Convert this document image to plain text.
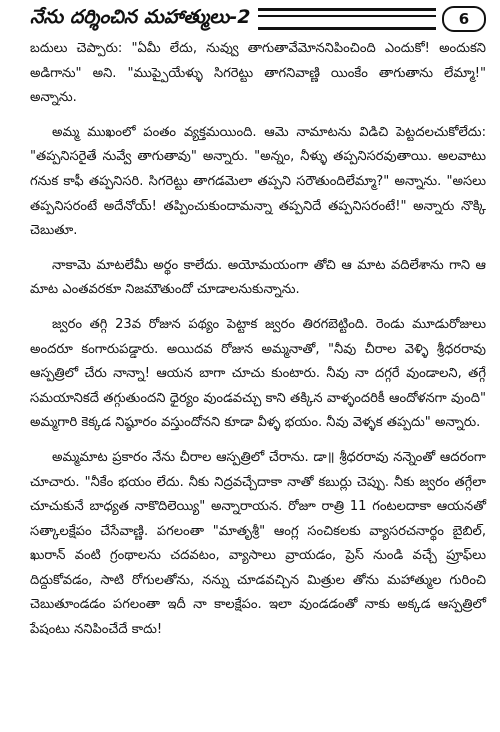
నేను దర్శించిన మహాత్ములు-2	6

బదులు చెప్పారు: "ఏమీ లేదు, నువ్వు తాగుతావేమోననిపించింది ఎందుకో! అందుకని అడిగాను" అని. "ముప్పైయేళ్ళు సిగరెట్టు తాగనివాణ్ణి యింకేం తాగుతాను లేమ్మా!" అన్నాను.

అమ్మ ముఖంలో పంతం వ్యక్తమయింది. ఆమె నామాటను విడిచి పెట్టదలచుకోలేదు: "తప్పనిసరైతే నువ్వే తాగుతావు" అన్నారు. "అన్నం, నీళ్ళు తప్పనిసరవుతాయి. అలవాటు గనుక కాఫీ తప్పనిసరి. సిగరెట్టు తాగడమెలా తప్పని సరౌతుందిలేమ్మా?" అన్నాను. "అసలు తప్పనిసరంటే అదేనోయ్! తప్పించుకుందామన్నా తప్పనిదే తప్పనిసరంటే!" అన్నారు నొక్కి చెబుతూ.

నాకామె మాటలేమీ అర్థం కాలేదు. అయోమయంగా తోచి ఆ మాట వదిలేశాను గాని ఆ మాట ఎంతవరకూ నిజమౌతుందో చూడాలనుకున్నాను.

జ్వరం తగ్గి 23వ రోజున పథ్యం పెట్టాక జ్వరం తిరగబెట్టింది. రెండు మూడురోజులు అందరూ కంగారుపడ్డారు. అయిదవ రోజున అమ్మనాతో, "నీవు చీరాల వెళ్ళి శ్రీధరరావు ఆస్పత్రిలో చేరు నాన్నా! ఆయన బాగా చూచు కుంటారు. నీవు నా దగ్గరే వుండాలని, తగ్గే సమయానికదే తగ్గుతుందని ధైర్యం వుండవచ్చు కాని తక్కిన వాళ్ళందరికీ ఆందోళనగా వుంది" అమ్మగారి కెక్కడ నిష్ఠూరం వస్తుందోనని కూడా వీళ్ళ భయం. నీవు వెళ్ళక తప్పదు" అన్నారు.

అమ్మమాట ప్రకారం నేను చీరాల ఆస్పత్రిలో చేరాను. డా॥ శ్రీధరరావు నన్నెంతో ఆదరంగా చూచారు. "నీకేం భయం లేదు. నీకు నిద్రవచ్చేదాకా నాతో కబుర్లు చెప్పు. నీకు జ్వరం తగ్గేలా చూచుకునే బాధ్యత నాకొదిలెయ్యి" అన్నారాయన. రోజూ రాత్రి 11 గంటలదాకా ఆయనతో సత్కాలక్షేపం చేసేవాణ్ణి. పగలంతా "మాతృశ్రీ" ఆంగ్ల సంచికలకు వ్యాసరచనార్థం బైబిల్, ఖురాన్ వంటి గ్రంథాలను చదవటం, వ్యాసాలు వ్రాయడం, ప్రెస్ నుండి వచ్చే ప్రూఫ్‌లు దిద్దుకోవడం, సాటి రోగులతోను, నన్ను చూడవచ్చిన మిత్రుల తోను మహాత్ముల గురించి చెబుతూండడం పగలంతా ఇదీ నా కాలక్షేపం. ఇలా వుండడంతో నాకు అక్కడ ఆస్పత్రిలో పేషంటు ననిపించేదే కాదు!
